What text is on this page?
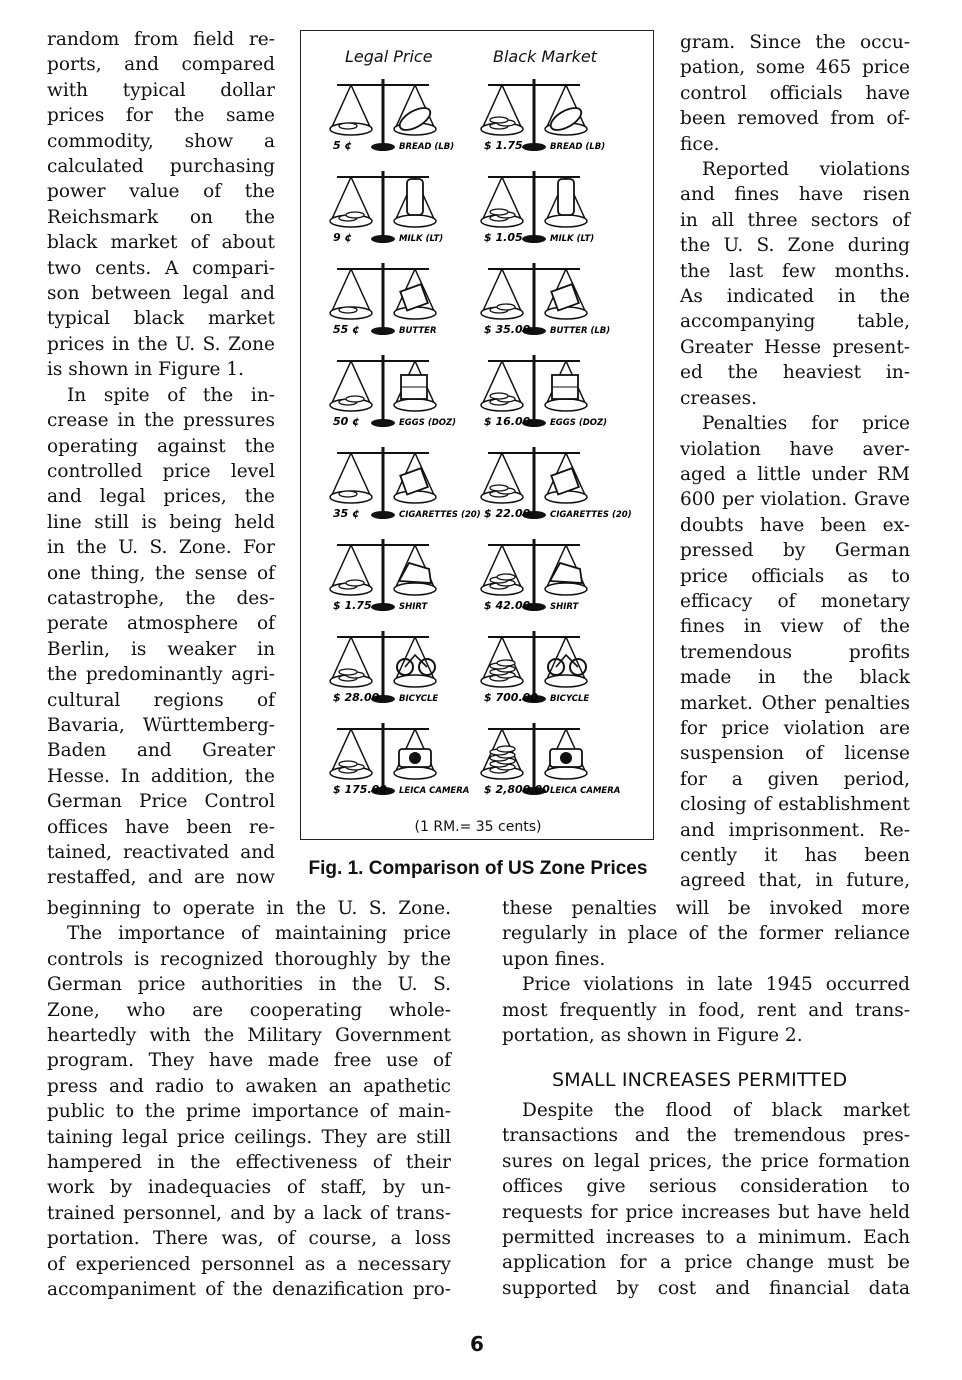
random from field re-
ports, and compared
with typical dollar
prices for the same
commodity, show a
calculated purchasing
power value of the
Reichsmark on the
black market of about
two cents. A compari-
son between legal and
typical black market
prices in the U. S. Zone
is shown in Figure 1.
In spite of the in-
crease in the pressures
operating against the
controlled price level
and legal prices, the
line still is being held
in the U. S. Zone. For
one thing, the sense of
catastrophe, the des-
perate atmosphere of
Berlin, is weaker in
the predominantly agri-
cultural regions of
Bavaria, Württemberg-
Baden and Greater
Hesse. In addition, the
German Price Control
offices have been re-
tained, reactivated and
restaffed, and are now
Legal Price	Black Market
5 ¢	BREAD (LB)	$ 1.75	BREAD (LB)
9 ¢	MILK (LT)	$ 1.05	MILK (LT)
55 ¢	BUTTER	$ 35.00 BUTTER (LB)
50 ¢	EGGS (DOZ)	$ 16.00 EGGS (DOZ)
35 ¢	CIGARETTES (20) $ 22.00 CIGARETTES (20)
$ 1.75	SHIRT	$ 42.00 SHIRT
$ 28.00 BICYCLE	$ 700.00 BICYCLE
$ 175.00 LEICA CAMERA $ 2,800.00 LEICA CAMERA
(1 RM.= 35 cents)
Fig. 1. Comparison of US Zone Prices
gram. Since the occu-
pation, some 465 price
control officials have
been removed from of-
fice.
Reported violations
and fines have risen
in all three sectors of
the U. S. Zone during
the last few months.
As indicated in the
accompanying table,
Greater Hesse present-
ed the heaviest in-
creases.
Penalties for price
violation have aver-
aged a little under RM
600 per violation. Grave
doubts have been ex-
pressed by German
price officials as to
efficacy of monetary
fines in view of the
tremendous profits
made in the black
market. Other penalties
for price violation are
suspension of license
for a given period,
closing of establishment
and imprisonment. Re-
cently it has been
agreed that, in future,
beginning to operate in the U. S. Zone.
The importance of maintaining price
controls is recognized thoroughly by the
German price authorities in the U. S.
Zone, who are cooperating whole-
heartedly with the Military Government
program. They have made free use of
press and radio to awaken an apathetic
public to the prime importance of main-
taining legal price ceilings. They are still
hampered in the effectiveness of their
work by inadequacies of staff, by un-
trained personnel, and by a lack of trans-
portation. There was, of course, a loss
of experienced personnel as a necessary
accompaniment of the denazification pro-
these penalties will be invoked more
regularly in place of the former reliance
upon fines.
Price violations in late 1945 occurred
most frequently in food, rent and trans-
portation, as shown in Figure 2.
SMALL INCREASES PERMITTED
Despite the flood of black market
transactions and the tremendous pres-
sures on legal prices, the price formation
offices give serious consideration to
requests for price increases but have held
permitted increases to a minimum. Each
application for a price change must be
supported by cost and financial data
6
